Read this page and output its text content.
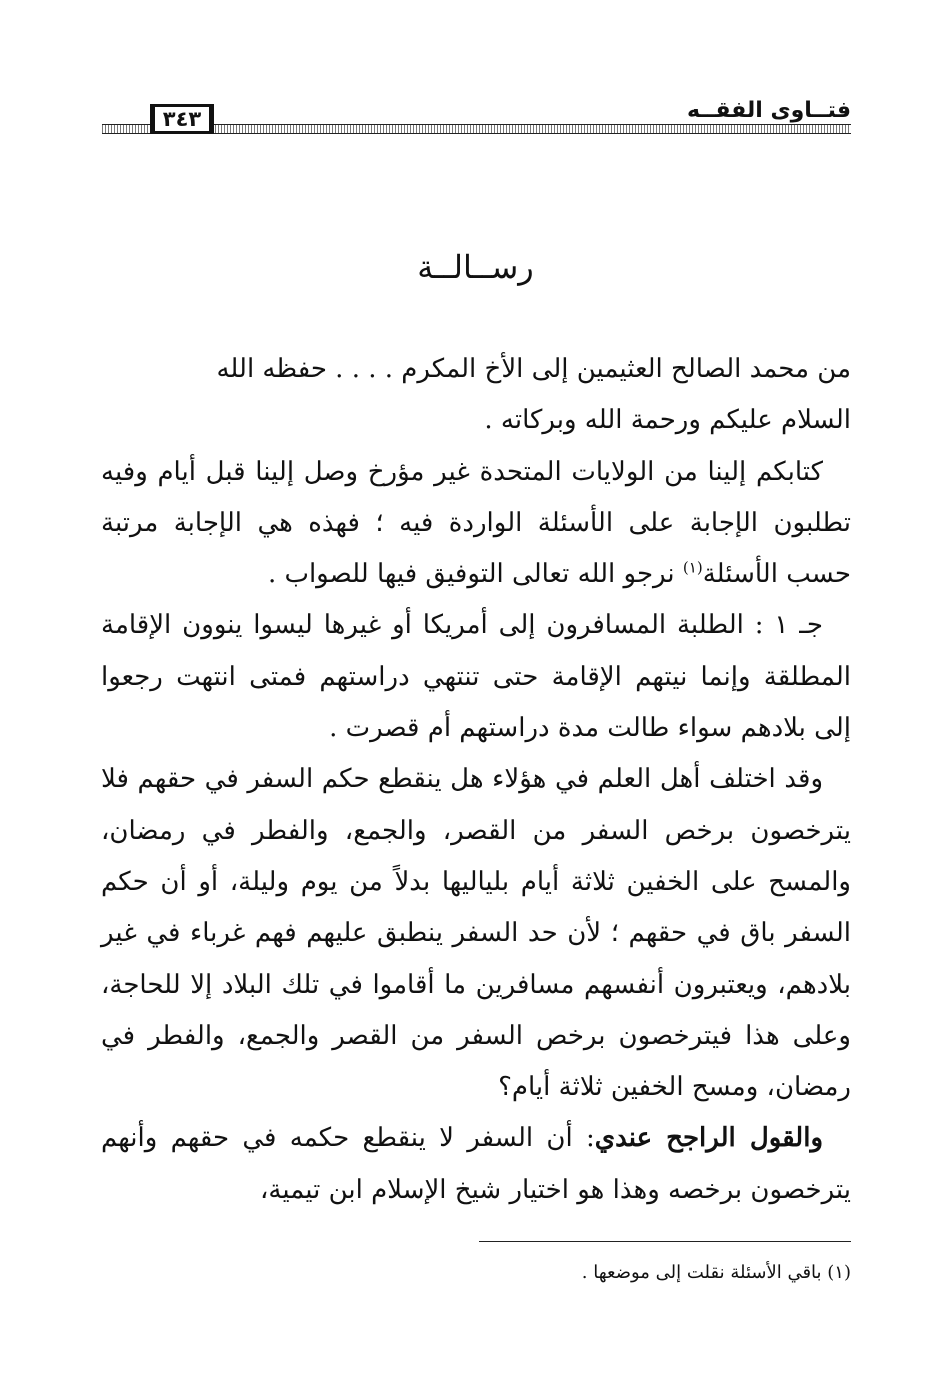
فتــاوى الفقــه
٣٤٣
رســالــة

من محمد الصالح العثيمين إلى الأخ المكرم . . . . حفظه الله

السلام عليكم ورحمة الله وبركاته .

كتابكم إلينا من الولايات المتحدة غير مؤرخ وصل إلينا قبل أيام وفيه تطلبون الإجابة على الأسئلة الواردة فيه ؛ فهذه هي الإجابة مرتبة حسب الأسئلة$^{(١)}$ نرجو الله تعالى التوفيق فيها للصواب .

جـ ١ : الطلبة المسافرون إلى أمريكا أو غيرها ليسوا ينوون الإقامة المطلقة وإنما نيتهم الإقامة حتى تنتهي دراستهم فمتى انتهت رجعوا إلى بلادهم سواء طالت مدة دراستهم أم قصرت .

وقد اختلف أهل العلم في هؤلاء هل ينقطع حكم السفر في حقهم فلا يترخصون برخص السفر من القصر، والجمع، والفطر في رمضان، والمسح على الخفين ثلاثة أيام بلياليها بدلاً من يوم وليلة، أو أن حكم السفر باق في حقهم ؛ لأن حد السفر ينطبق عليهم فهم غرباء في غير بلادهم، ويعتبرون أنفسهم مسافرين ما أقاموا في تلك البلاد إلا للحاجة، وعلى هذا فيترخصون برخص السفر من القصر والجمع، والفطر في رمضان، ومسح الخفين ثلاثة أيام؟

والقول الراجح عندي: أن السفر لا ينقطع حكمه في حقهم وأنهم يترخصون برخصه وهذا هو اختيار شيخ الإسلام ابن تيمية،

(١) باقي الأسئلة نقلت إلى موضعها .
